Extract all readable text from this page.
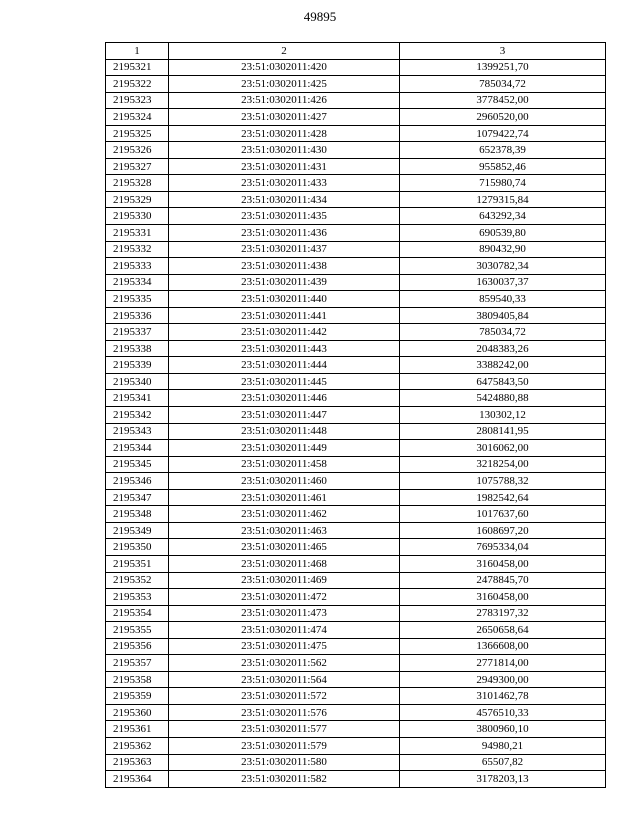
49895
1	2	3
2195321	23:51:0302011:420	1399251,70
2195322	23:51:0302011:425	785034,72
2195323	23:51:0302011:426	3778452,00
2195324	23:51:0302011:427	2960520,00
2195325	23:51:0302011:428	1079422,74
2195326	23:51:0302011:430	652378,39
2195327	23:51:0302011:431	955852,46
2195328	23:51:0302011:433	715980,74
2195329	23:51:0302011:434	1279315,84
2195330	23:51:0302011:435	643292,34
2195331	23:51:0302011:436	690539,80
2195332	23:51:0302011:437	890432,90
2195333	23:51:0302011:438	3030782,34
2195334	23:51:0302011:439	1630037,37
2195335	23:51:0302011:440	859540,33
2195336	23:51:0302011:441	3809405,84
2195337	23:51:0302011:442	785034,72
2195338	23:51:0302011:443	2048383,26
2195339	23:51:0302011:444	3388242,00
2195340	23:51:0302011:445	6475843,50
2195341	23:51:0302011:446	5424880,88
2195342	23:51:0302011:447	130302,12
2195343	23:51:0302011:448	2808141,95
2195344	23:51:0302011:449	3016062,00
2195345	23:51:0302011:458	3218254,00
2195346	23:51:0302011:460	1075788,32
2195347	23:51:0302011:461	1982542,64
2195348	23:51:0302011:462	1017637,60
2195349	23:51:0302011:463	1608697,20
2195350	23:51:0302011:465	7695334,04
2195351	23:51:0302011:468	3160458,00
2195352	23:51:0302011:469	2478845,70
2195353	23:51:0302011:472	3160458,00
2195354	23:51:0302011:473	2783197,32
2195355	23:51:0302011:474	2650658,64
2195356	23:51:0302011:475	1366608,00
2195357	23:51:0302011:562	2771814,00
2195358	23:51:0302011:564	2949300,00
2195359	23:51:0302011:572	3101462,78
2195360	23:51:0302011:576	4576510,33
2195361	23:51:0302011:577	3800960,10
2195362	23:51:0302011:579	94980,21
2195363	23:51:0302011:580	65507,82
2195364	23:51:0302011:582	3178203,13
